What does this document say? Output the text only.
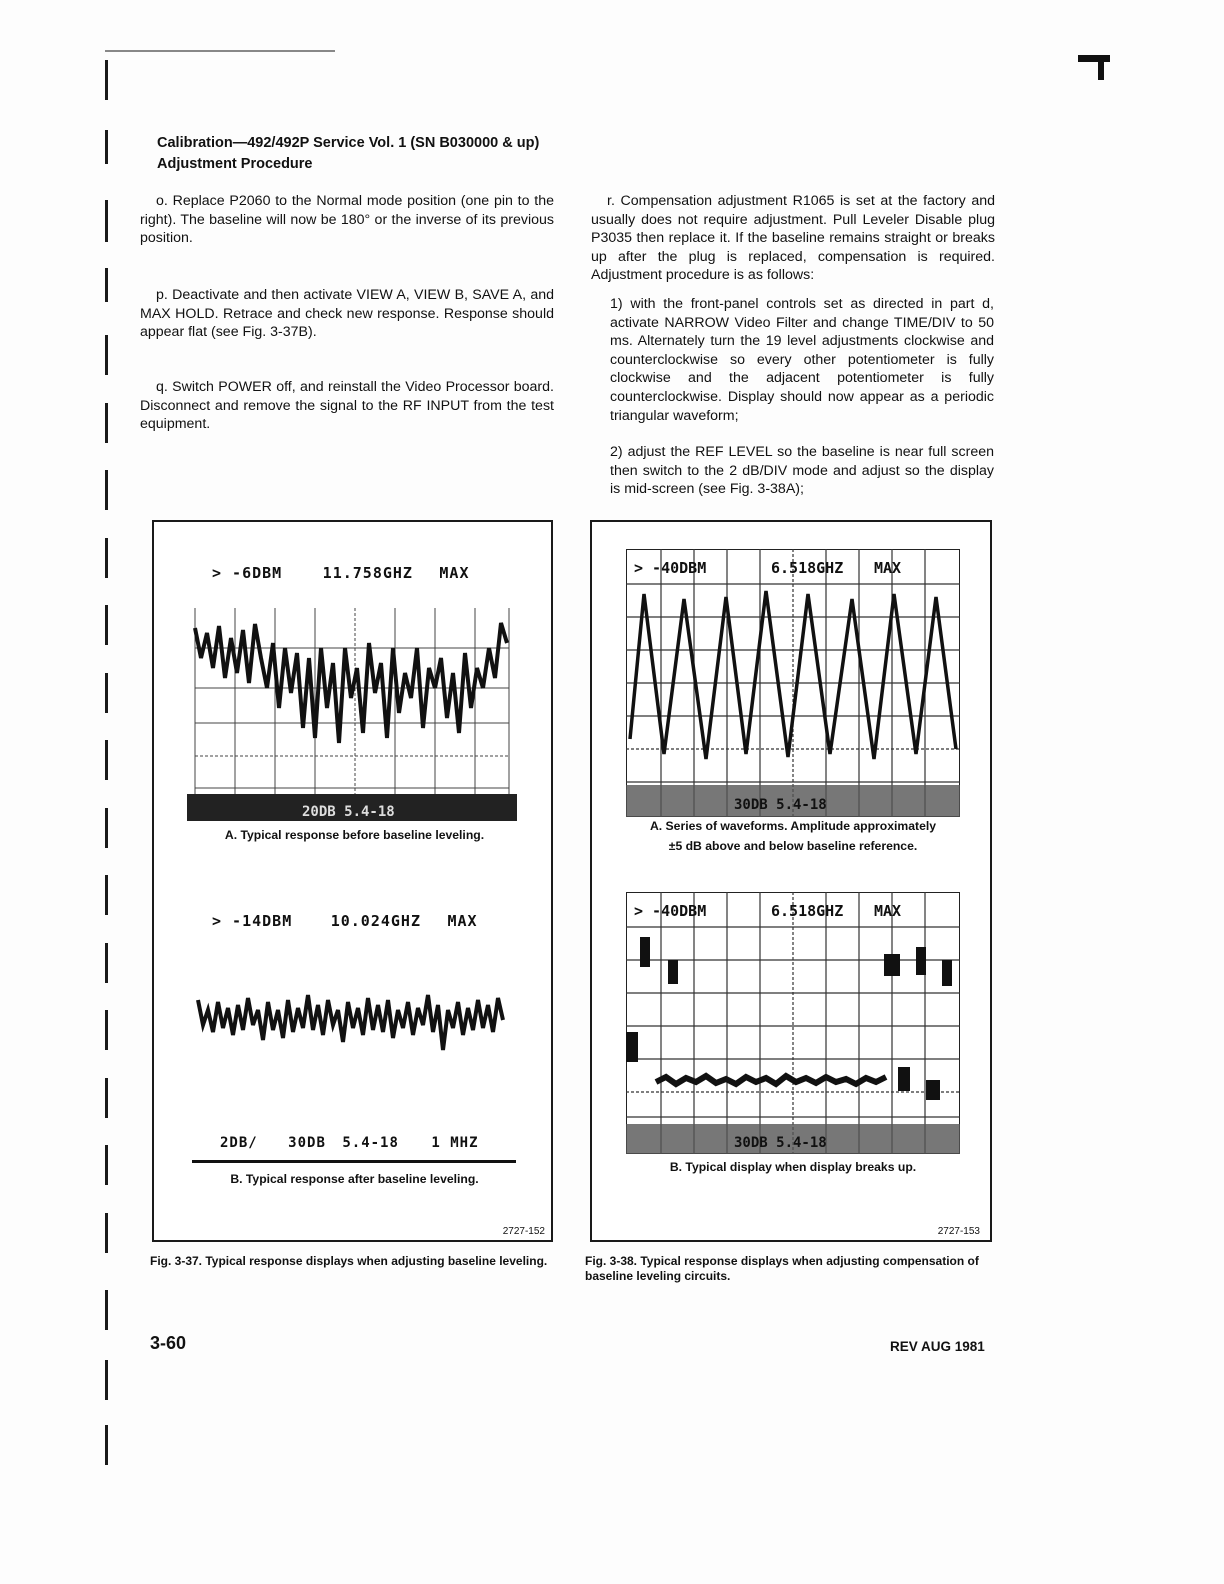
Calibration—492/492P Service Vol. 1 (SN B030000 & up)
Adjustment Procedure
o. Replace P2060 to the Normal mode position (one pin to the right). The baseline will now be 180° or the inverse of its previous position.
p. Deactivate and then activate VIEW A, VIEW B, SAVE A, and MAX HOLD. Retrace and check new response. Response should appear flat (see Fig. 3-37B).
q. Switch POWER off, and reinstall the Video Processor board. Disconnect and remove the signal to the RF INPUT from the test equipment.
r. Compensation adjustment R1065 is set at the factory and usually does not require adjustment. Pull Leveler Disable plug P3035 then replace it. If the baseline remains straight or breaks up after the plug is replaced, compensation is required. Adjustment procedure is as follows:
1) with the front-panel controls set as directed in part d, activate NARROW Video Filter and change TIME/DIV to 50 ms. Alternately turn the 19 level adjustments clockwise and counterclockwise so every other potentiometer is fully clockwise and the adjacent potentiometer is fully counterclockwise. Display should now appear as a periodic triangular waveform;
2) adjust the REF LEVEL so the baseline is near full screen then switch to the 2 dB/DIV mode and adjust so the display is mid-screen (see Fig. 3-38A);
> -6DBM	11.758GHZ MAX
20DB 5.4-18
A. Typical response before baseline leveling.
> -14DBM	10.024GHZ MAX
2DB/ 30DB 5.4-18 1 MHZ
B. Typical response after baseline leveling.
2727-152
Fig. 3-37. Typical response displays when adjusting baseline leveling.
> -40DBM	6.518GHZ MAX
30DB 5.4-18
A. Series of waveforms. Amplitude approximately
±5 dB above and below baseline reference.
> -40DBM	6.518GHZ MAX
30DB 5.4-18
B. Typical display when display breaks up.
2727-153
Fig. 3-38. Typical response displays when adjusting compensation of baseline leveling circuits.
3-60	REV AUG 1981
